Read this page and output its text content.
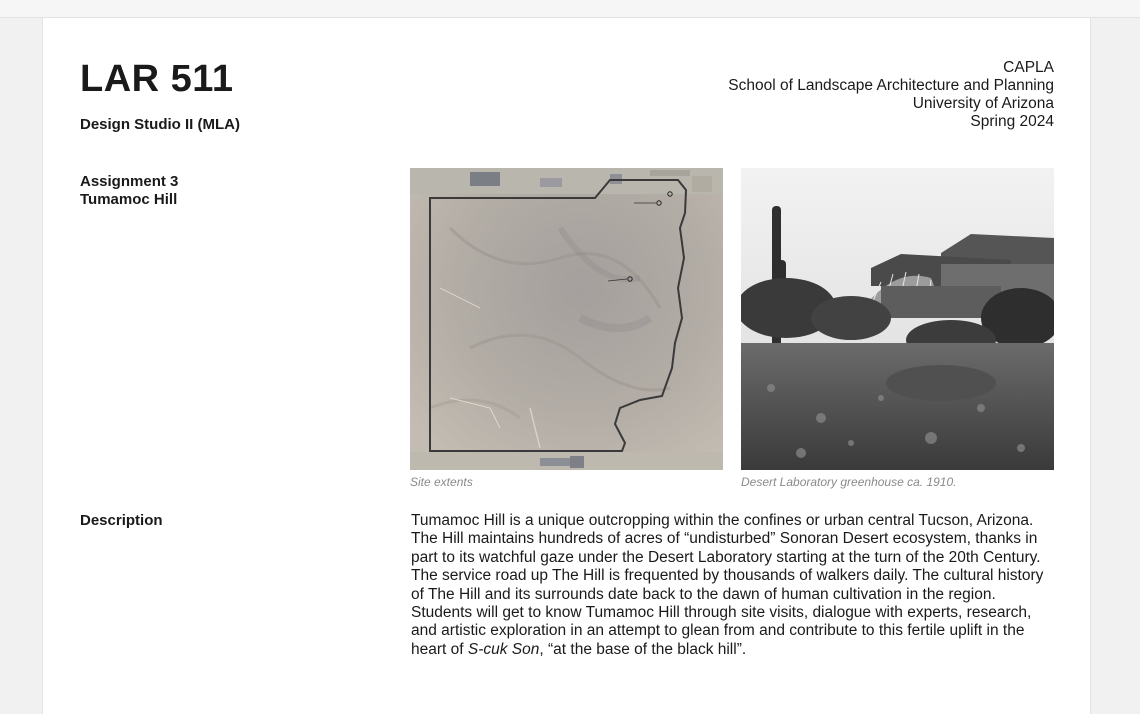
LAR 511
Design Studio II (MLA)
CAPLA
School of Landscape Architecture and Planning
University of Arizona
Spring 2024
Assignment 3
Tumamoc Hill
Site extents	Desert Laboratory greenhouse ca. 1910.
Description	Tumamoc Hill is a unique outcropping within the confines or urban central Tucson, Arizona. The Hill maintains hundreds of acres of “undisturbed” Sonoran Desert ecosystem, thanks in part to its watchful gaze under the Desert Laboratory starting at the turn of the 20th Century. The service road up The Hill is frequented by thousands of walkers daily. The cultural history of The Hill and its surrounds date back to the dawn of human cultivation in the region. Students will get to know Tumamoc Hill through site visits, dialogue with experts, research, and artistic exploration in an attempt to glean from and contribute to this fertile uplift in the heart of S-cuk Son, “at the base of the black hill”.
